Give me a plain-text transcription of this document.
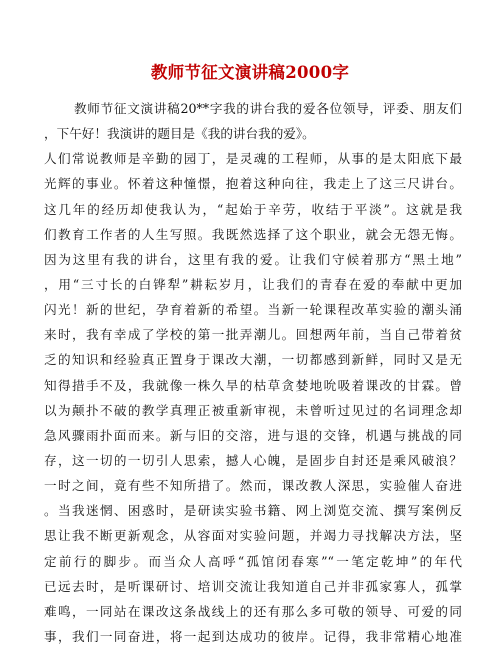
教师节征文演讲稿2000字
教师节征文演讲稿20**字我的讲台我的爱各位领导，评委、朋友们
，下午好！我演讲的题目是《我的讲台我的爱》。
人们常说教师是辛勤的园丁，是灵魂的工程师，从事的是太阳底下最
光辉的事业。怀着这种憧憬，抱着这种向往，我走上了这三尺讲台。
这几年的经历却使我认为，“起始于辛劳，收结于平淡”。这就是我
们教育工作者的人生写照。我既然选择了这个职业，就会无怨无悔。
因为这里有我的讲台，这里有我的爱。让我们守候着那方“黑土地”
，用“三寸长的白铧犁”耕耘岁月，让我们的青春在爱的奉献中更加
闪光！新的世纪，孕育着新的希望。当新一轮课程改革实验的潮头涌
来时，我有幸成了学校的第一批弄潮儿。回想两年前，当自己带着贫
乏的知识和经验真正置身于课改大潮，一切都感到新鲜，同时又是无
知得措手不及，我就像一株久旱的枯草贪婪地吮吸着课改的甘霖。曾
以为颠扑不破的教学真理正被重新审视，未曾听过见过的名词理念却
急风骤雨扑面而来。新与旧的交溶，进与退的交锋，机遇与挑战的同
存，这一切的一切引人思索，撼人心魄，是固步自封还是乘风破浪？
一时之间，竟有些不知所措了。然而，课改教人深思，实验催人奋进
。当我迷惘、困惑时，是研读实验书籍、网上浏览交流、撰写案例反
思让我不断更新观念，从容面对实验问题，并竭力寻找解决方法，坚
定前行的脚步。而当众人高呼“孤馆闭春寒”“一笔定乾坤”的年代
已远去时，是听课研讨、培训交流让我知道自己并非孤家寡人，孤掌
难鸣，一同站在课改这条战线上的还有那么多可敬的领导、可爱的同
事，我们一同奋进，将一起到达成功的彼岸。记得，我非常精心地准
